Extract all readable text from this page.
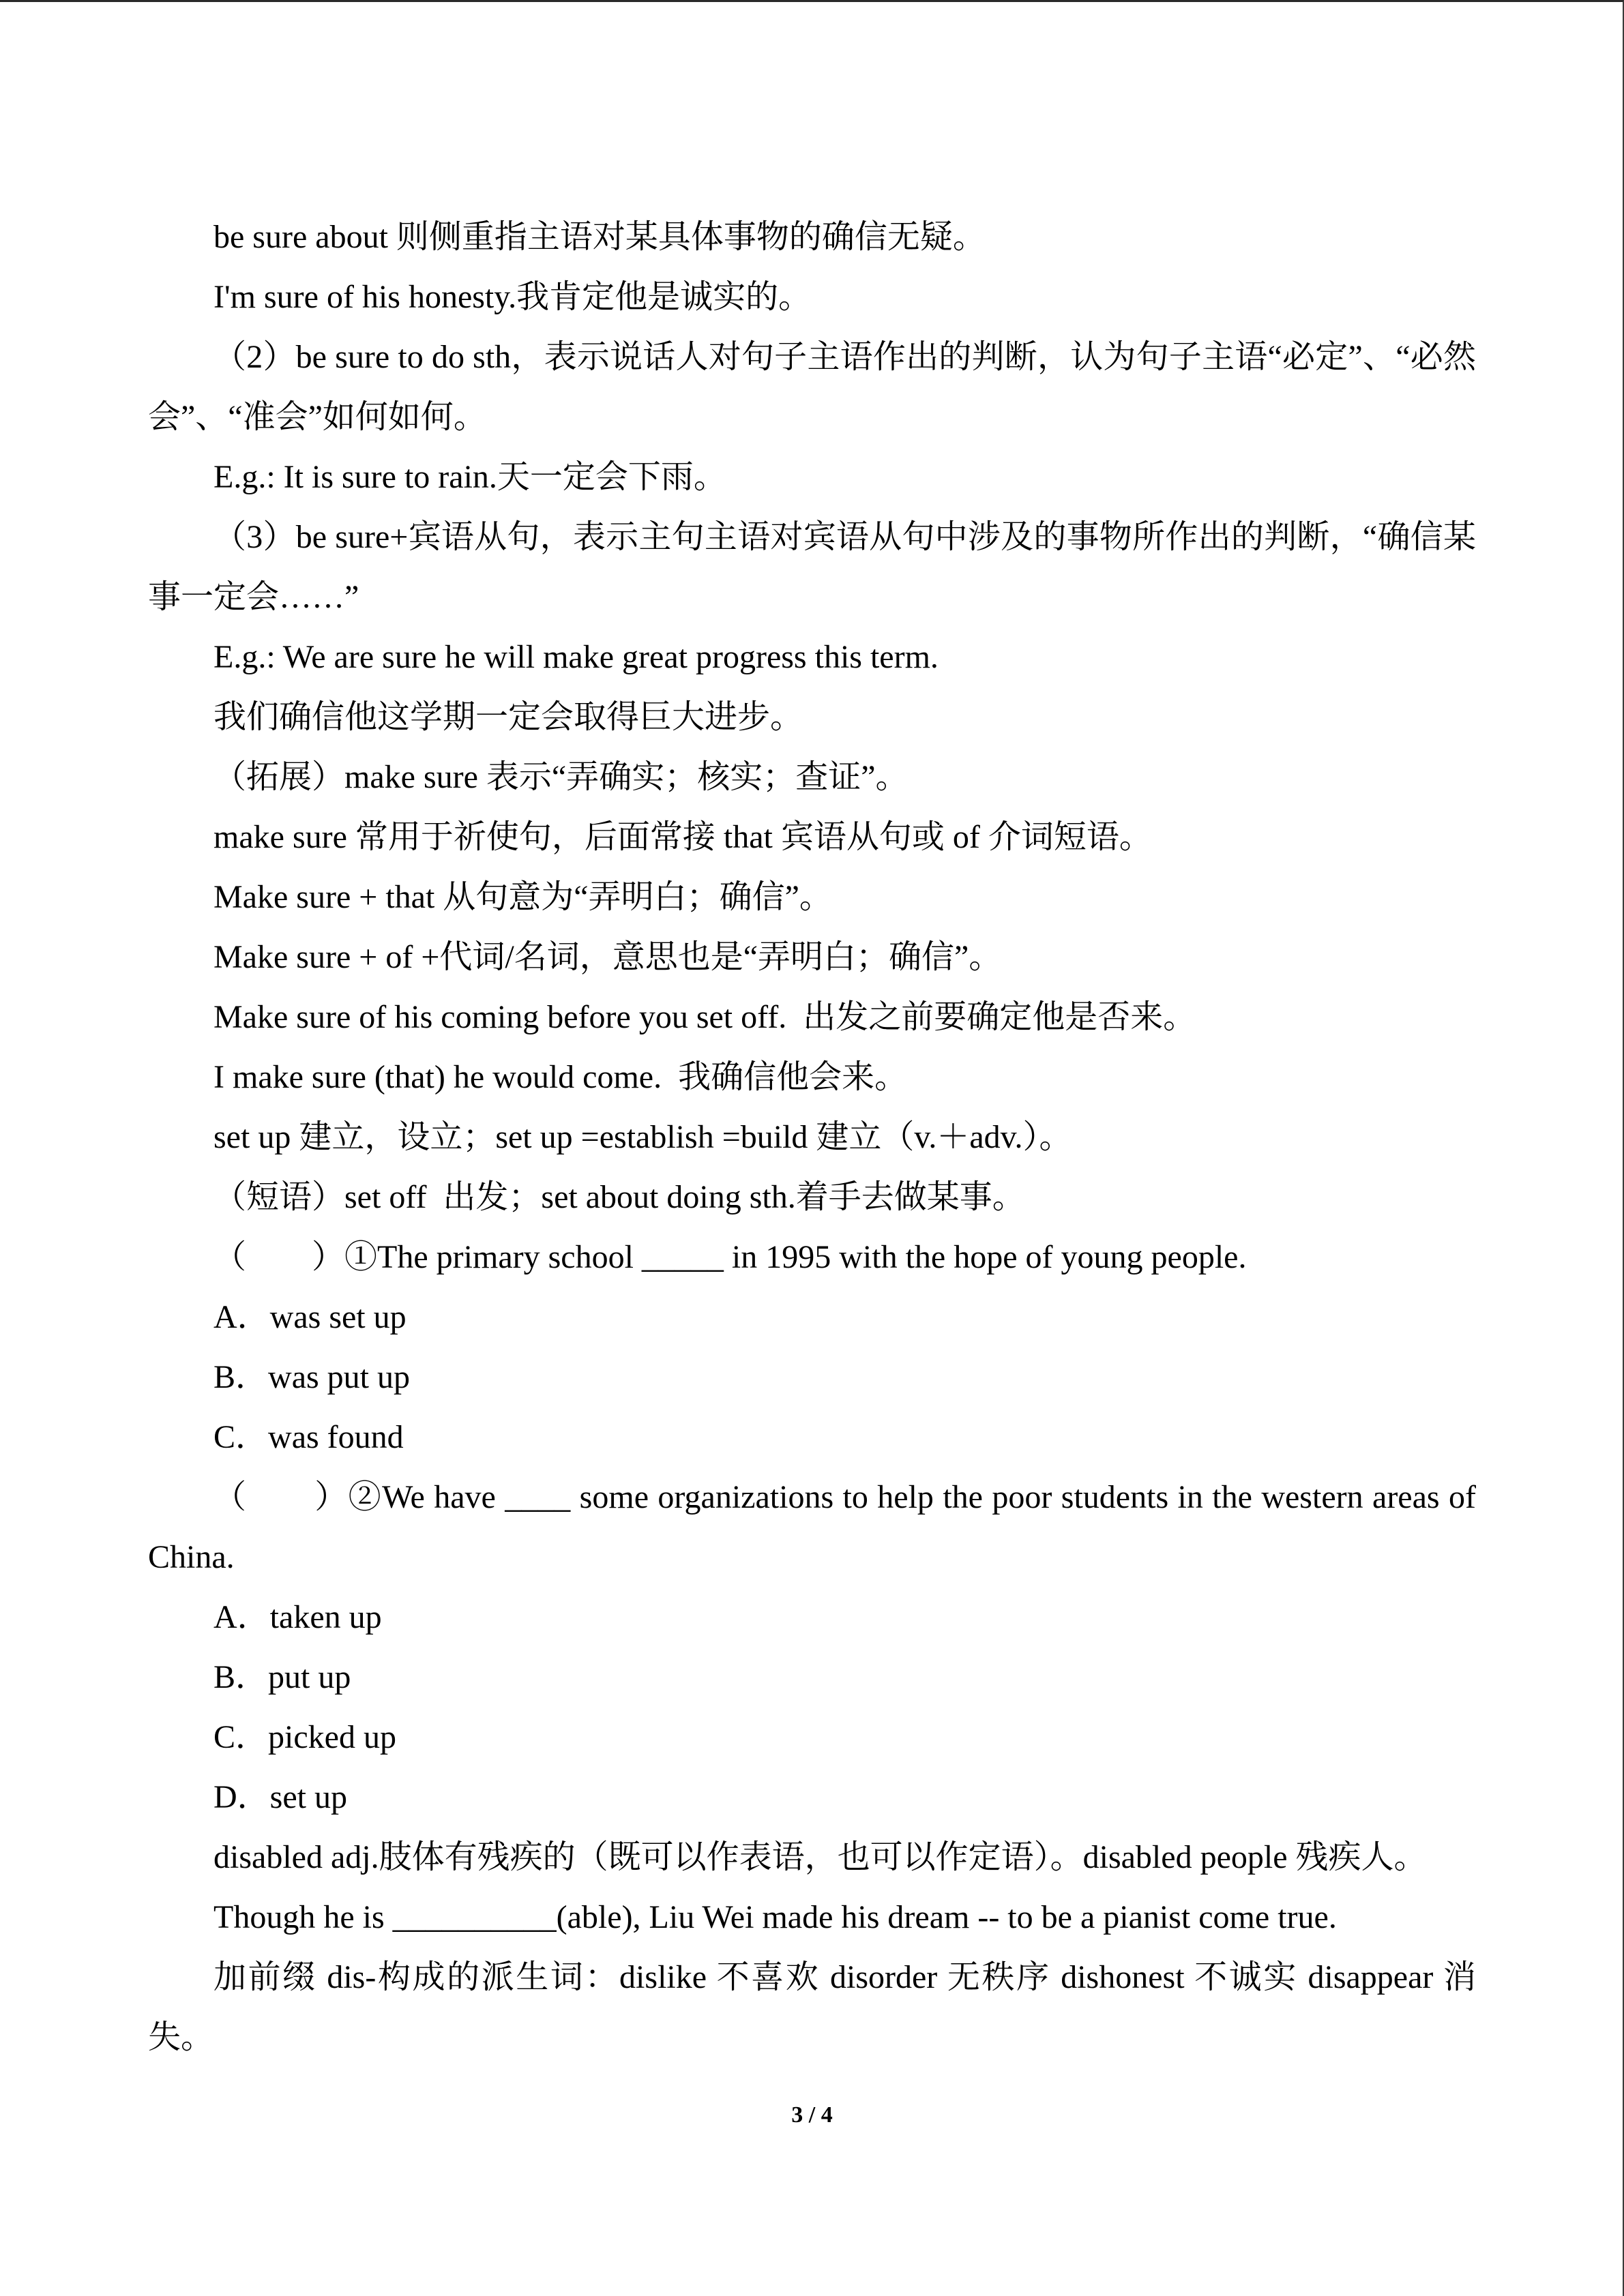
be sure about 则侧重指主语对某具体事物的确信无疑。
I'm sure of his honesty.我肯定他是诚实的。
（2）be sure to do sth，表示说话人对句子主语作出的判断，认为句子主语“必定”、“必然会”、“准会”如何如何。
E.g.: It is sure to rain.天一定会下雨。
（3）be sure+宾语从句，表示主句主语对宾语从句中涉及的事物所作出的判断，“确信某事一定会……”
E.g.: We are sure he will make great progress this term.
我们确信他这学期一定会取得巨大进步。
（拓展）make sure 表示“弄确实；核实；查证”。
make sure 常用于祈使句，后面常接 that 宾语从句或 of 介词短语。
Make sure + that 从句意为“弄明白；确信”。
Make sure + of +代词/名词，意思也是“弄明白；确信”。
Make sure of his coming before you set off.  出发之前要确定他是否来。
I make sure (that) he would come.  我确信他会来。
set up 建立，设立；set up =establish =build 建立（v.＋adv.）。
（短语）set off  出发；set about doing sth.着手去做某事。
（　　）①The primary school _____ in 1995 with the hope of young people.
A．was set up
B．was put up
C．was found
（　　）②We have ____ some organizations to help the poor students in the western areas of China.
A．taken up
B．put up
C．picked up
D．set up
disabled adj.肢体有残疾的（既可以作表语，也可以作定语）。disabled people 残疾人。
Though he is __________(able), Liu Wei made his dream -- to be a pianist come true.
加前缀 dis-构成的派生词：dislike 不喜欢 disorder 无秩序 dishonest 不诚实 disappear 消失。
3 / 4
